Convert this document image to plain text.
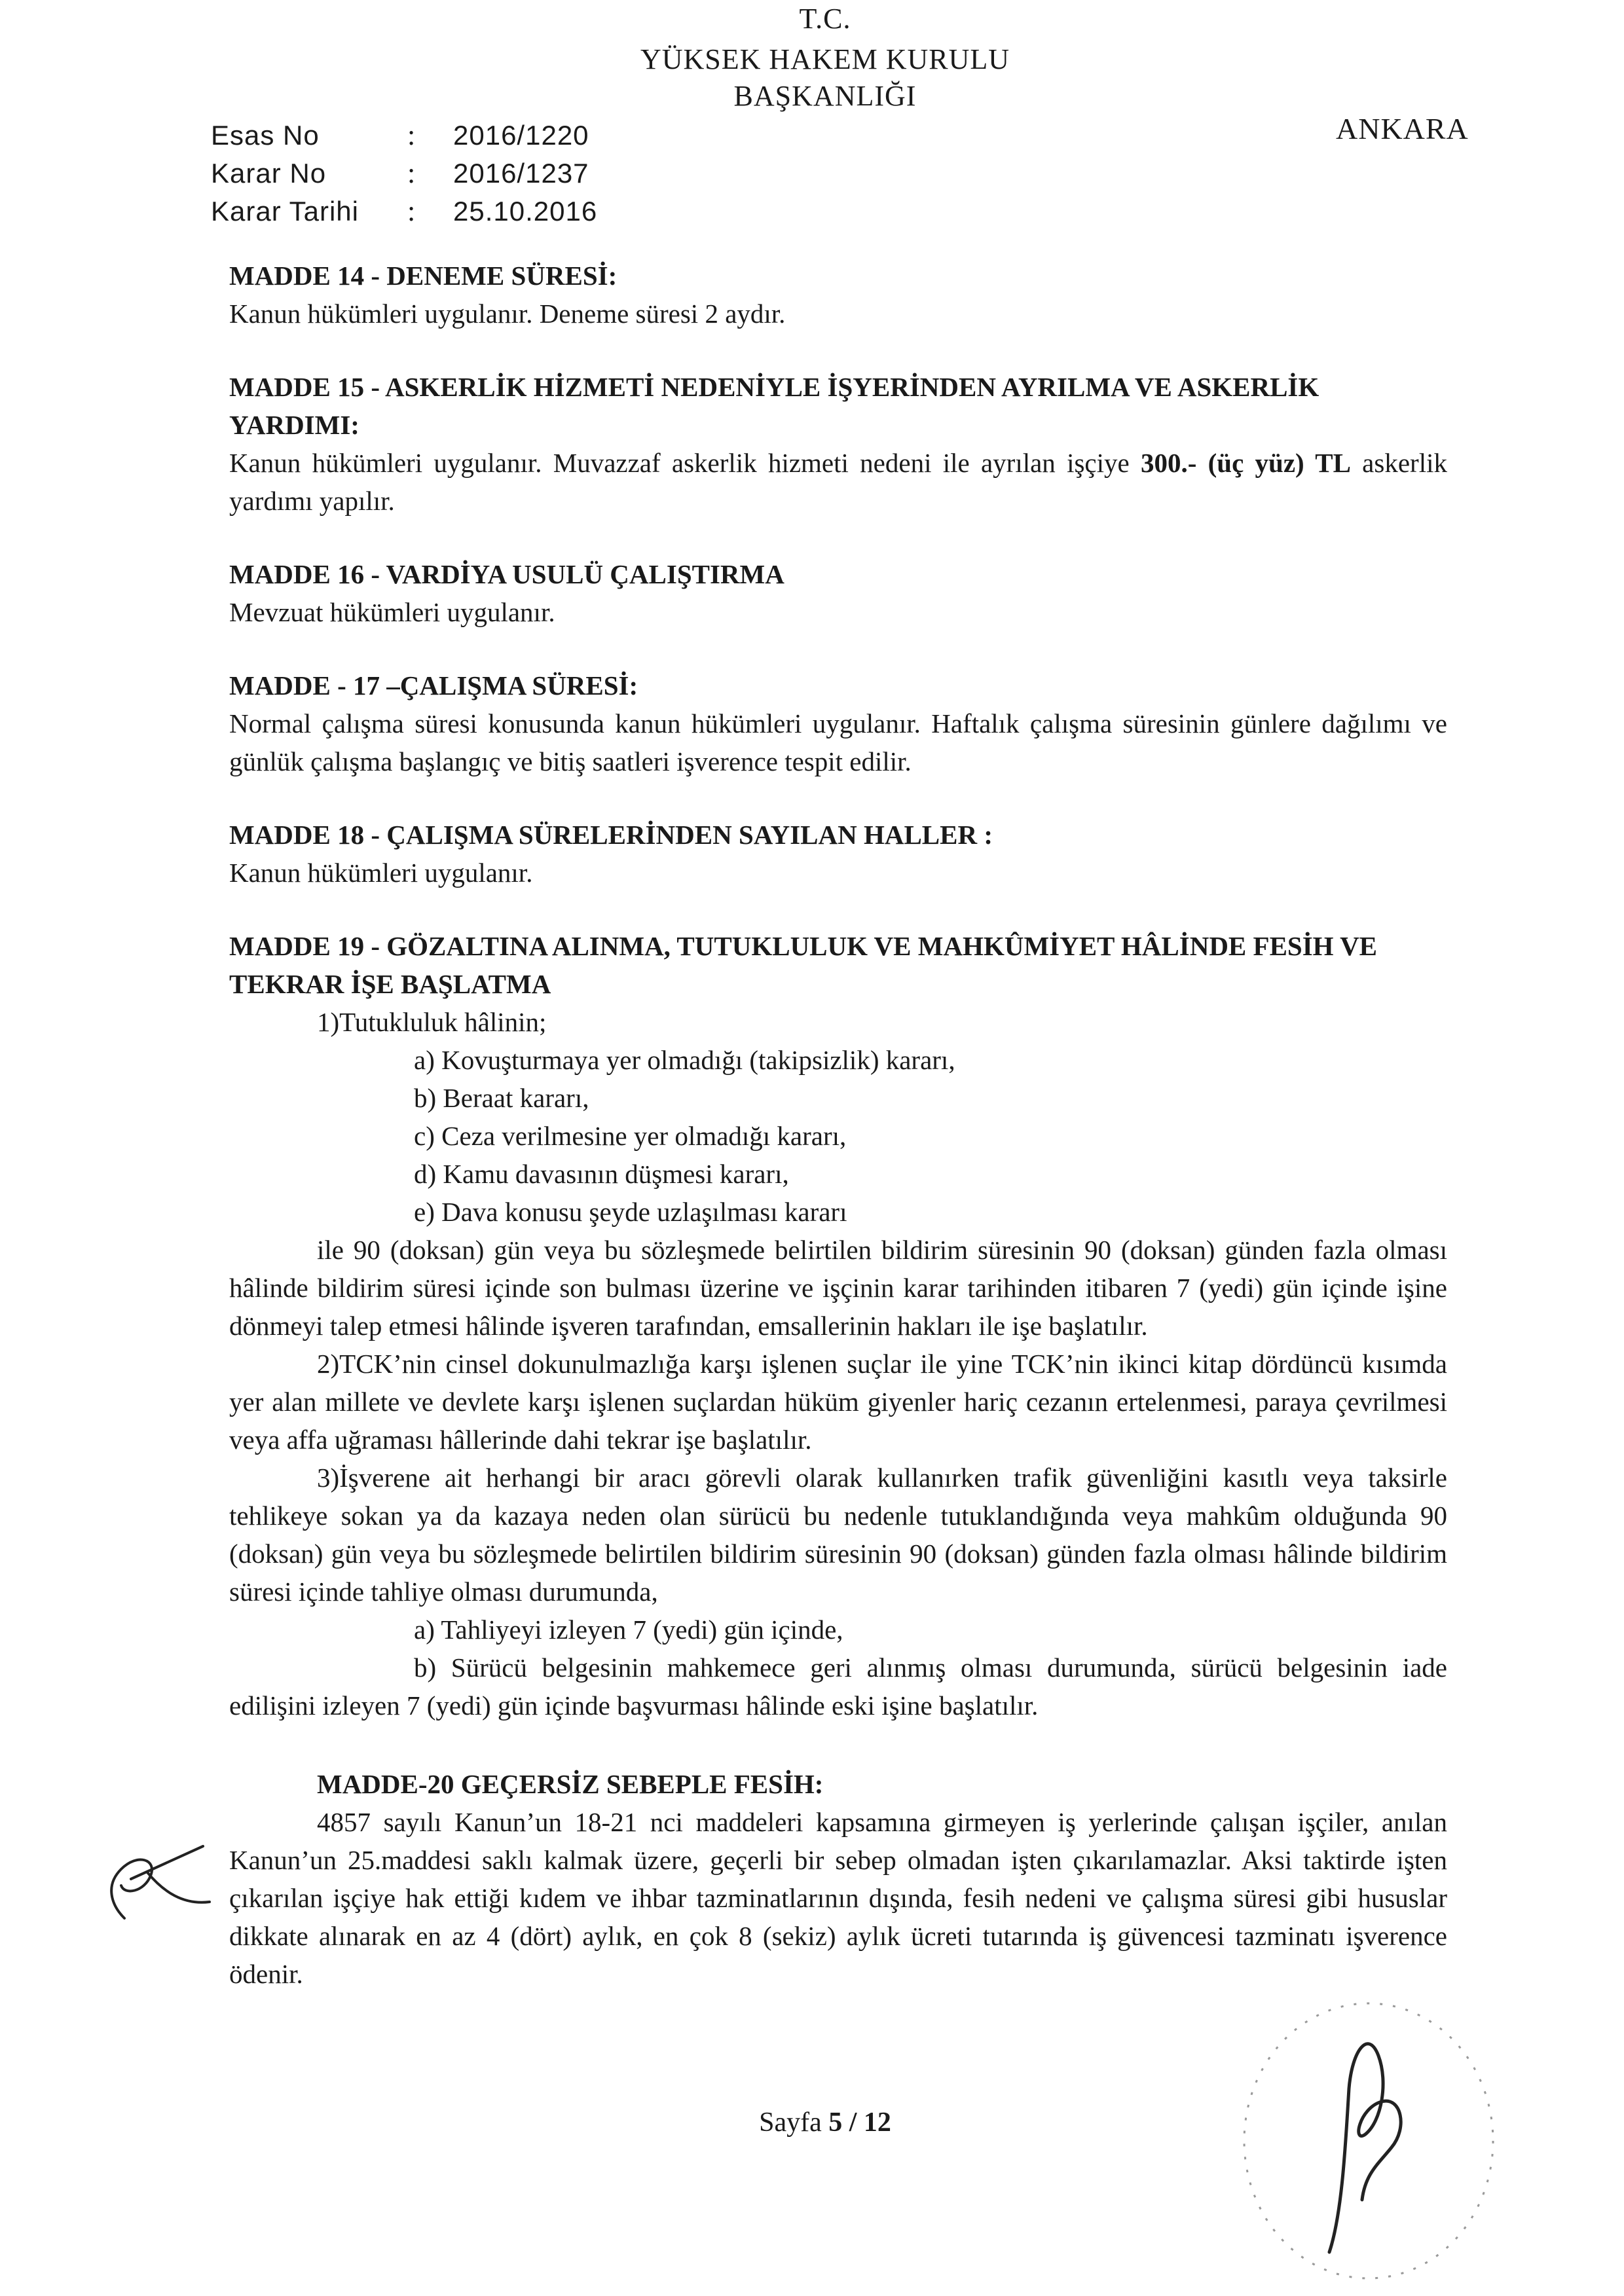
T.C.
YÜKSEK HAKEM KURULU
BAŞKANLIĞI
ANKARA
Esas No	:	2016/1220
Karar No	:	2016/1237
Karar Tarihi	:	25.10.2016
MADDE 14 - DENEME SÜRESİ:
Kanun hükümleri uygulanır. Deneme süresi 2 aydır.
MADDE 15 - ASKERLİK HİZMETİ NEDENİYLE İŞYERİNDEN AYRILMA VE ASKERLİK YARDIMI:
Kanun hükümleri uygulanır. Muvazzaf askerlik hizmeti nedeni ile ayrılan işçiye 300.- (üç yüz) TL askerlik yardımı yapılır.
MADDE 16 - VARDİYA USULÜ ÇALIŞTIRMA
Mevzuat hükümleri uygulanır.
MADDE - 17 –ÇALIŞMA SÜRESİ:
Normal çalışma süresi konusunda kanun hükümleri uygulanır. Haftalık çalışma süresinin günlere dağılımı ve günlük çalışma başlangıç ve bitiş saatleri işverence tespit edilir.
MADDE 18 - ÇALIŞMA SÜRELERİNDEN SAYILAN HALLER :
Kanun hükümleri uygulanır.
MADDE 19 - GÖZALTINA ALINMA, TUTUKLULUK VE MAHKÛMİYET HÂLİNDE FESİH VE TEKRAR İŞE BAŞLATMA
1)Tutukluluk hâlinin;
a) Kovuşturmaya yer olmadığı (takipsizlik) kararı,
b) Beraat kararı,
c) Ceza verilmesine yer olmadığı kararı,
d) Kamu davasının düşmesi kararı,
e) Dava konusu şeyde uzlaşılması kararı
ile 90 (doksan) gün veya bu sözleşmede belirtilen bildirim süresinin 90 (doksan) günden fazla olması hâlinde bildirim süresi içinde son bulması üzerine ve işçinin karar tarihinden itibaren 7 (yedi) gün içinde işine dönmeyi talep etmesi hâlinde işveren tarafından, emsallerinin hakları ile işe başlatılır.
2)TCK’nin cinsel dokunulmazlığa karşı işlenen suçlar ile yine TCK’nin ikinci kitap dördüncü kısımda yer alan millete ve devlete karşı işlenen suçlardan hüküm giyenler hariç cezanın ertelenmesi, paraya çevrilmesi veya affa uğraması hâllerinde dahi tekrar işe başlatılır.
3)İşverene ait herhangi bir aracı görevli olarak kullanırken trafik güvenliğini kasıtlı veya taksirle tehlikeye sokan ya da kazaya neden olan sürücü bu nedenle tutuklandığında veya mahkûm olduğunda 90 (doksan) gün veya bu sözleşmede belirtilen bildirim süresinin 90 (doksan) günden fazla olması hâlinde bildirim süresi içinde tahliye olması durumunda,
a) Tahliyeyi izleyen 7 (yedi) gün içinde,
b) Sürücü belgesinin mahkemece geri alınmış olması durumunda, sürücü belgesinin iade edilişini izleyen 7 (yedi) gün içinde başvurması hâlinde eski işine başlatılır.
MADDE-20 GEÇERSİZ SEBEPLE FESİH:
4857 sayılı Kanun’un 18-21 nci maddeleri kapsamına girmeyen iş yerlerinde çalışan işçiler, anılan Kanun’un 25.maddesi saklı kalmak üzere, geçerli bir sebep olmadan işten çıkarılamazlar. Aksi taktirde işten çıkarılan işçiye hak ettiği kıdem ve ihbar tazminatlarının dışında, fesih nedeni ve çalışma süresi gibi hususlar dikkate alınarak en az 4 (dört) aylık, en çok 8 (sekiz) aylık ücreti tutarında iş güvencesi tazminatı işverence ödenir.
Sayfa 5 / 12
